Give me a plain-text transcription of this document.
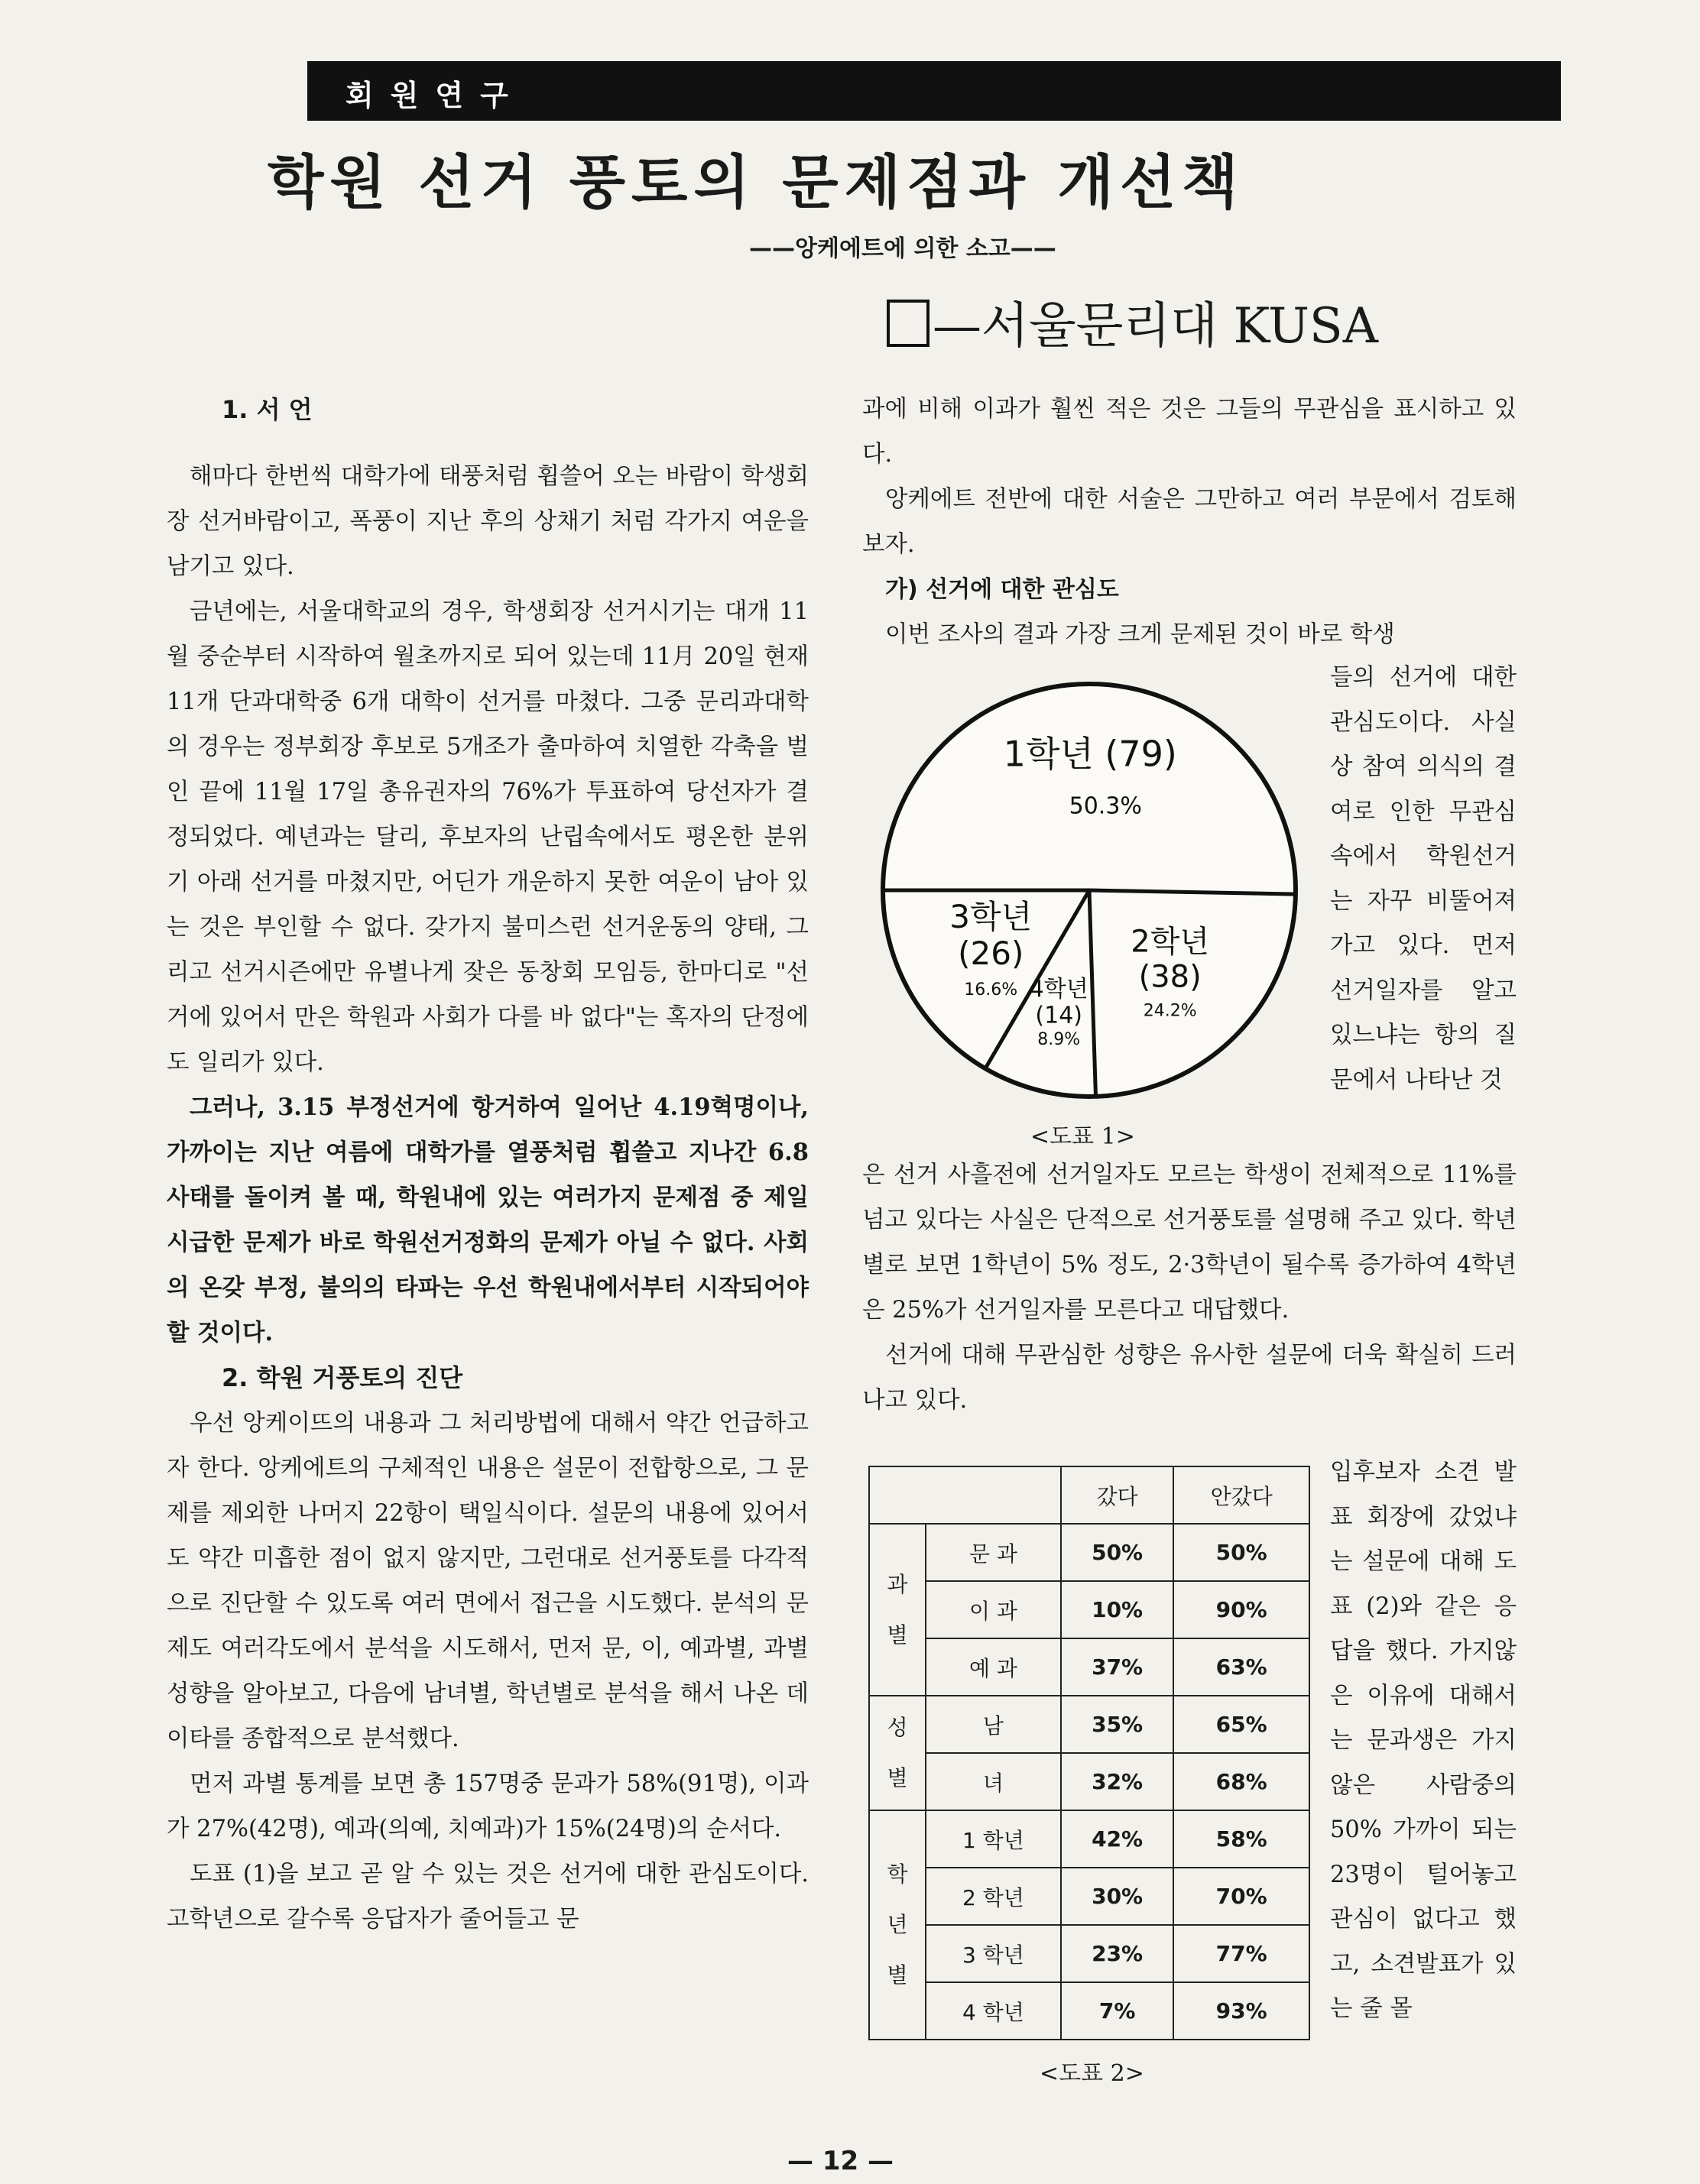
회원연구
학원 선거 풍토의 문제점과 개선책
——앙케에트에 의한 소고——
—서울문리대 KUSA
1. 서 언

해마다 한번씩 대학가에 태풍처럼 휩쓸어 오는 바람이 학생회장 선거바람이고, 폭풍이 지난 후의 상채기 처럼 각가지 여운을 남기고 있다.

금년에는, 서울대학교의 경우, 학생회장 선거시기는 대개 11월 중순부터 시작하여 월초까지로 되어 있는데 11月 20일 현재 11개 단과대학중 6개 대학이 선거를 마쳤다. 그중 문리과대학의 경우는 정부회장 후보로 5개조가 출마하여 치열한 각축을 벌인 끝에 11월 17일 총유권자의 76%가 투표하여 당선자가 결정되었다. 예년과는 달리, 후보자의 난립속에서도 평온한 분위기 아래 선거를 마쳤지만, 어딘가 개운하지 못한 여운이 남아 있는 것은 부인할 수 없다. 갖가지 불미스런 선거운동의 양태, 그리고 선거시즌에만 유별나게 잦은 동창회 모임등, 한마디로 "선거에 있어서 만은 학원과 사회가 다를 바 없다"는 혹자의 단정에도 일리가 있다.

그러나, 3.15 부정선거에 항거하여 일어난 4.19혁명이나, 가까이는 지난 여름에 대학가를 열풍처럼 휩쓸고 지나간 6.8 사태를 돌이켜 볼 때, 학원내에 있는 여러가지 문제점 중 제일 시급한 문제가 바로 학원선거정화의 문제가 아닐 수 없다. 사회의 온갖 부정, 불의의 타파는 우선 학원내에서부터 시작되어야 할 것이다.

2. 학원 거풍토의 진단

우선 앙케이뜨의 내용과 그 처리방법에 대해서 약간 언급하고자 한다. 앙케에트의 구체적인 내용은 설문이 전합항으로, 그 문제를 제외한 나머지 22항이 택일식이다. 설문의 내용에 있어서도 약간 미흡한 점이 없지 않지만, 그런대로 선거풍토를 다각적으로 진단할 수 있도록 여러 면에서 접근을 시도했다. 분석의 문제도 여러각도에서 분석을 시도해서, 먼저 문, 이, 예과별, 과별 성향을 알아보고, 다음에 남녀별, 학년별로 분석을 해서 나온 데이타를 종합적으로 분석했다.

먼저 과별 통계를 보면 총 157명중 문과가 58%(91명), 이과가 27%(42명), 예과(의예, 치예과)가 15%(24명)의 순서다.

도표 (1)을 보고 곧 알 수 있는 것은 선거에 대한 관심도이다. 고학년으로 갈수록 응답자가 줄어들고 문

과에 비해 이과가 훨씬 적은 것은 그들의 무관심을 표시하고 있다.

앙케에트 전반에 대한 서술은 그만하고 여러 부문에서 검토해 보자.

가) 선거에 대한 관심도

이번 조사의 결과 가장 크게 문제된 것이 바로 학생

1학년 (79)
50.3%
2학년
(38)
24.2%
4학년
(14)
8.9%
3학년
(26)
16.6%

들의 선거에 대한 관심도이다. 사실상 참여 의식의 결여로 인한 무관심속에서 학원선거는 자꾸 비뚤어져 가고 있다. 먼저 선거일자를 알고 있느냐는 항의 질문에서 나타난 것

<도표 1>

은 선거 사흘전에 선거일자도 모르는 학생이 전체적으로 11%를 넘고 있다는 사실은 단적으로 선거풍토를 설명해 주고 있다. 학년별로 보면 1학년이 5% 정도, 2·3학년이 될수록 증가하여 4학년은 25%가 선거일자를 모른다고 대답했다.

선거에 대해 무관심한 성향은 유사한 설문에 더욱 확실히 드러나고 있다.

		갔다	안갔다

과
별	문 과	50%	50%
	이 과	10%	90%
	예 과	37%	63%

성
별	남	35%	65%
	녀	32%	68%

학
년
별	1 학년	42%	58%
	2 학년	30%	70%
	3 학년	23%	77%
	4 학년	7%	93%
<도표 2>

입후보자 소견 발표 회장에 갔었냐는 설문에 대해 도표 (2)와 같은 응답을 했다. 가지않은 이유에 대해서는 문과생은 가지 않은 사람중의 50% 가까이 되는 23명이 털어놓고 관심이 없다고 했고, 소견발표가 있는 줄 몰

— 12 —
